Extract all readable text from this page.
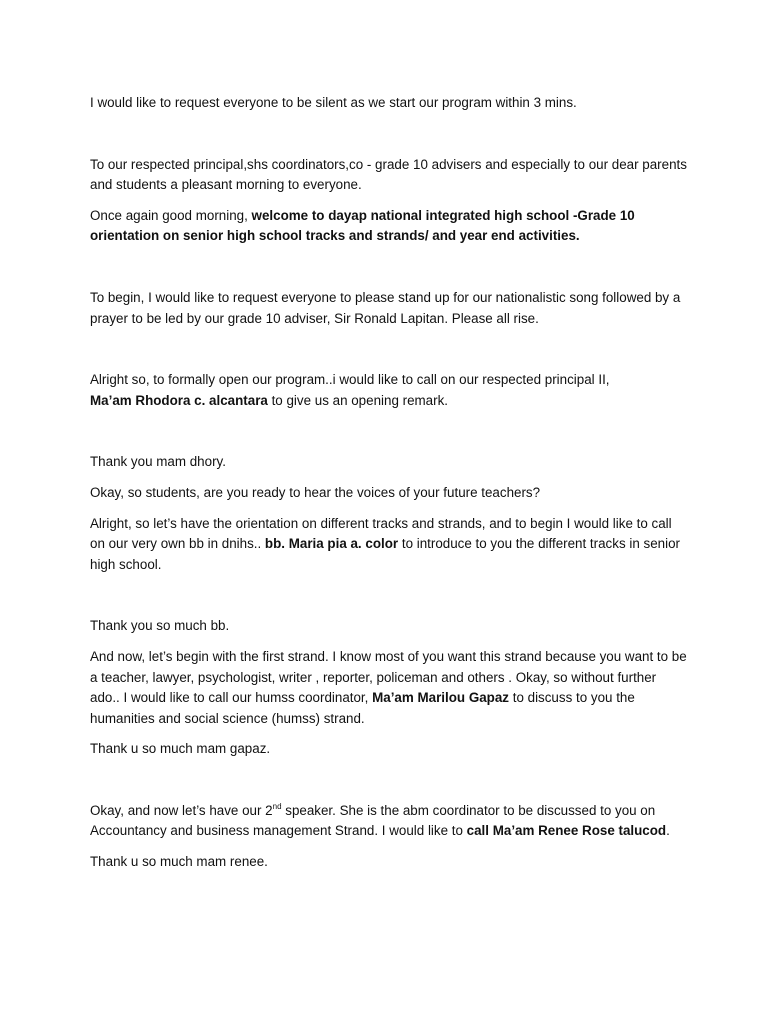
I would like to request everyone to be silent as we start our program within 3 mins.

To our respected principal,shs coordinators,co - grade 10 advisers and especially to our dear parents and students a pleasant morning to everyone.

Once again good morning, welcome to dayap national integrated high school -Grade 10 orientation on senior high school tracks and strands/ and year end activities.

To begin, I would like to request everyone to please stand up for our nationalistic song followed by a prayer to be led by our grade 10 adviser, Sir Ronald Lapitan. Please all rise.

Alright so, to formally open our program..i would like to call on our respected principal II,
Ma’am Rhodora c. alcantara to give us an opening remark.

Thank you mam dhory.

Okay, so students, are you ready to hear the voices of your future teachers?

Alright, so let’s have the orientation on different tracks and strands, and to begin I would like to call on our very own bb in dnihs.. bb. Maria pia a. color to introduce to you the different tracks in senior high school.

Thank you so much bb.

And now, let’s begin with the first strand. I know most of you want this strand because you want to be a teacher, lawyer, psychologist, writer , reporter, policeman and others . Okay, so without further ado.. I would like to call our humss coordinator, Ma’am Marilou Gapaz to discuss to you the humanities and social science (humss) strand.

Thank u so much mam gapaz.

Okay, and now let’s have our 2nd speaker. She is the abm coordinator to be discussed to you on Accountancy and business management Strand. I would like to call Ma’am Renee Rose talucod.

Thank u so much mam renee.
